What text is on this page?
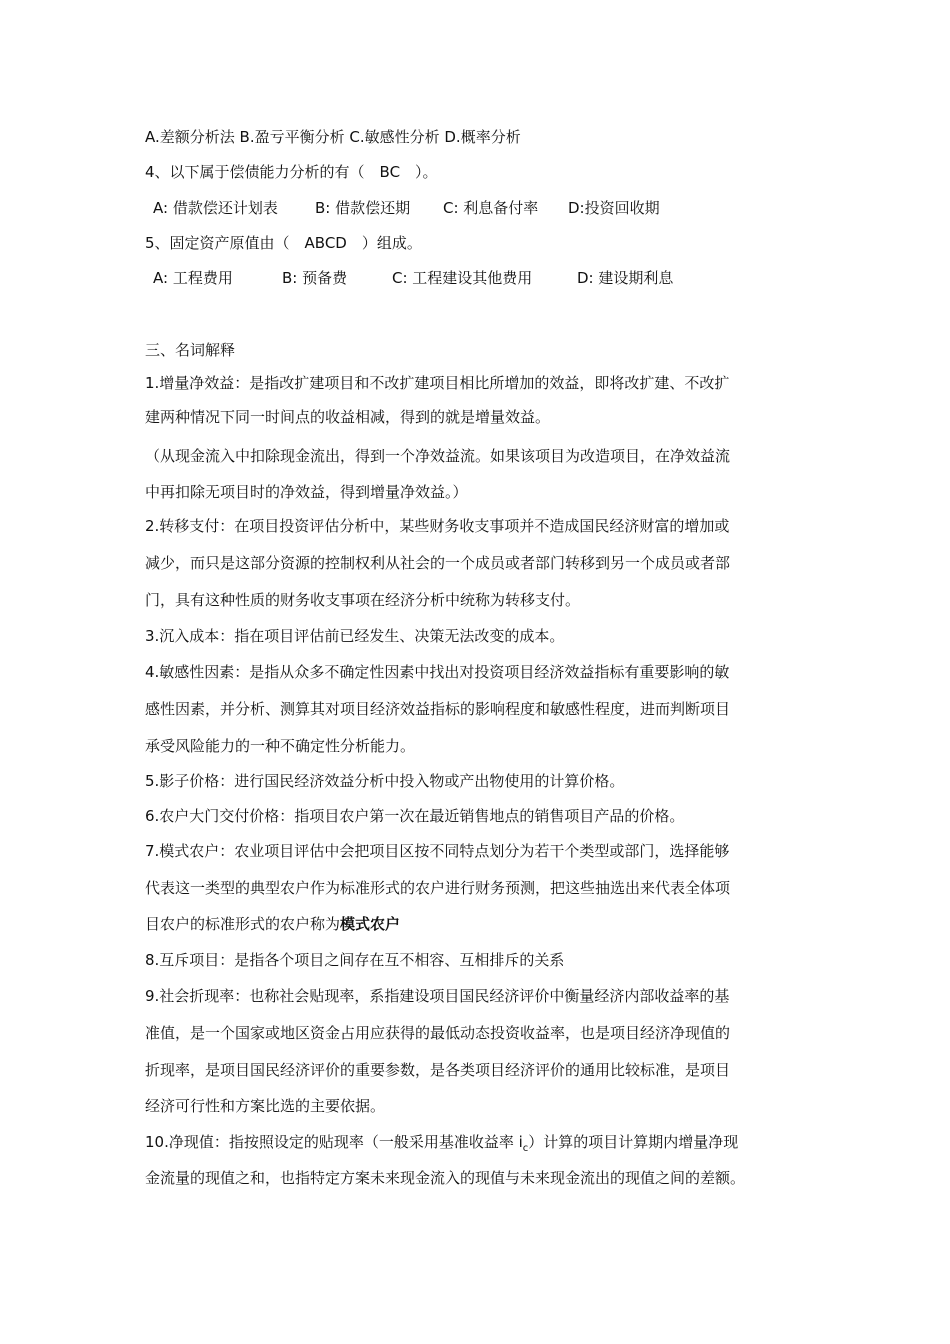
A.差额分析法 B.盈亏平衡分析 C.敏感性分析 D.概率分析
4、以下属于偿债能力分析的有（　BC　）。
A: 借款偿还计划表 B: 借款偿还期 C: 利息备付率 D:投资回收期
5、固定资产原值由（　ABCD　）组成。
A: 工程费用	B: 预备费	C: 工程建设其他费用	D: 建设期利息
三、名词解释
1.增量净效益：是指改扩建项目和不改扩建项目相比所增加的效益，即将改扩建、不改扩
建两种情况下同一时间点的收益相减，得到的就是增量效益。
（从现金流入中扣除现金流出，得到一个净效益流。如果该项目为改造项目，在净效益流
中再扣除无项目时的净效益，得到增量净效益。）
2.转移支付：在项目投资评估分析中，某些财务收支事项并不造成国民经济财富的增加或
减少，而只是这部分资源的控制权利从社会的一个成员或者部门转移到另一个成员或者部
门，具有这种性质的财务收支事项在经济分析中统称为转移支付。
3.沉入成本：指在项目评估前已经发生、决策无法改变的成本。
4.敏感性因素：是指从众多不确定性因素中找出对投资项目经济效益指标有重要影响的敏
感性因素，并分析、测算其对项目经济效益指标的影响程度和敏感性程度，进而判断项目
承受风险能力的一种不确定性分析能力。
5.影子价格：进行国民经济效益分析中投入物或产出物使用的计算价格。
6.农户大门交付价格：指项目农户第一次在最近销售地点的销售项目产品的价格。
7.模式农户：农业项目评估中会把项目区按不同特点划分为若干个类型或部门，选择能够
代表这一类型的典型农户作为标准形式的农户进行财务预测，把这些抽选出来代表全体项
目农户的标准形式的农户称为模式农户
8.互斥项目：是指各个项目之间存在互不相容、互相排斥的关系
9.社会折现率：也称社会贴现率，系指建设项目国民经济评价中衡量经济内部收益率的基
准值，是一个国家或地区资金占用应获得的最低动态投资收益率，也是项目经济净现值的
折现率，是项目国民经济评价的重要参数，是各类项目经济评价的通用比较标准，是项目
经济可行性和方案比选的主要依据。
10.净现值：指按照设定的贴现率（一般采用基准收益率 $i_c$）计算的项目计算期内增量净现
金流量的现值之和，也指特定方案未来现金流入的现值与未来现金流出的现值之间的差额。
